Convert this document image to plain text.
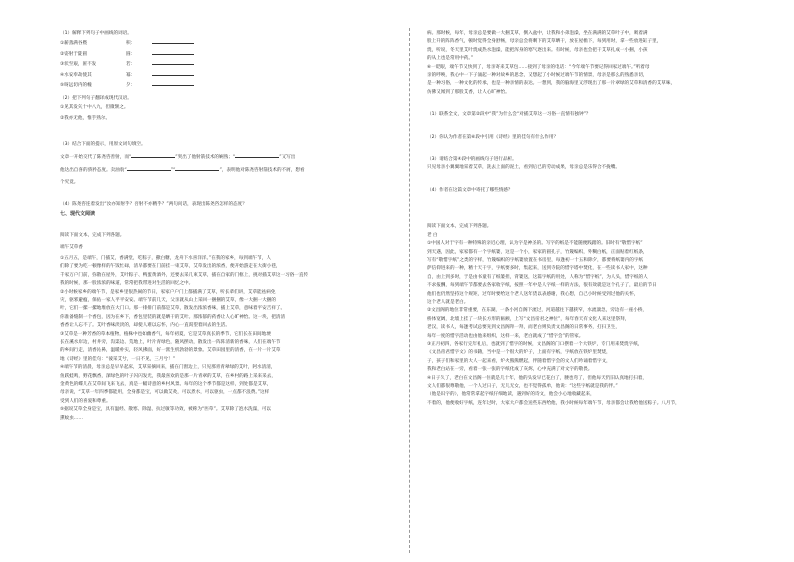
（1）解释下列句子中画线的词语。
①薪蒸满谷暨	积：
②姿射于陡圆	圆：
③状至艰，匿不发	若：
④水安奉劫使其	幂：
⑤呀远切内的幢	夕：
（2）把下列句子翻译成现代汉语。
①见其发矢十中八九，但微颔之。
②我亦无他，惟手熟尔。
（3）结合下面的提示，用原文词句填空。
文章一开始交代了陈尧咨善射，而“	”突出了他射箭技术的娴熟；“	”又写出
他达出自喜的骄矜态度。卖油翁“	”“	”，表明他对陈尧咨射箭技术的不屑，想看
个究竟。
（4）陈尧咨连着发出“汝亦知射乎？吾射不亦精乎？”两句问话，表现出陈尧咨怎样的态度？
七、现代文阅读
阅读下面文本，完成下列各题。
端午艾草香
①五月五，是端午，门插艾，香满堂，吃粽子，撒白糖，龙舟下水喜洋洋。”在我的家乡，每到端午节，人
们除了要为吃一顿像样的午饭忙碌，清早都要在门前挂一束艾草，艾草发出的浓香，便开始游走在大街小巷，
千家万户门前，弥散在屋外，艾叶粽子、鸭蛋黄酒外，还要去采几束艾草，插在自家的门框上，挑对插艾草这一习俗一直传
我的时候，那一股浓浓的味道，常常把我带进对生活的回忆之中。
②小时候家乡的端午节，是家乡里很热闹的节日，家家户户门上都插满了艾草，听长辈们讲，艾草能祛病免
灾，驱邪避瘟，保佑一家人平平安安。端午节前几天，父亲就从山上采回一捆捆的艾草，像一大捆一大捆的
叶，它们一摞一摞地堆放在大门口。那一排排门前都是艾草，散发出浓浓香味，插上艾草，意味着平安吉祥了。
你准备缝制一个香包，因为在乡下，香包里装的就是晒干的艾叶。那浓郁的药香让人心旷神怡。这一块，把清清
香香让人忘不了。艾叶香味淡淡的，却使人难以忘怀，内心一直渴望着回去的生活。
③艾草是一种芳香的草本植物，植株中也如幽香气，每年初夏，它是艾草真长的季节，它们长在田间地埂
长在溪水岸边，村井旁，沟渠边、荒地上，叶片青绿色，随风摆动，散发出一阵阵清新的香味，人们在端午节
的乡间行走，清香沁鼻，温暖朴实，轻风拂面，好一派生机勃勃的景象。艾草田园里的清香，在一片一片艾草
地《诗经》里的佳句：“彼采艾兮，一日不见，三月兮！”
④端午节的清晨，母亲总是早早起床，艾草采摘回来，插在门窗边上，只见那青青翠绿的艾叶，阿水清清，
鱼跃蛙鸣，野花飘香，深绿色的叶子闪闪发光，我最喜欢的是那一片青翠的艾草，在乡村的路上采来采去，
金黄色的蝶儿在艾草间飞来飞去，真是一幅诗意的乡村风景。每年的这个季节都是这样，到处都是艾草，
母亲说，“艾草一年四季都能用，全身都是宝，可以做艾灸，可以煮水，可以驱虫，一点都不浪费。”这样
受到人们的喜爱和尊重。
⑤据说艾草全身是宝，具有温经、散寒、除湿、抗过敏等功效，被称为“医草”。艾草除了泡水洗澡，可以
熏蚊虫……
病。那时候，每年，母亲总是要做一大捆艾草，倒入盆中，让我和小弟泡澡，坐在满满的艾草叶子中，吸着满
股上升的阵阵香气，顿时觉得全身舒畅，母亲总会将剩下的艾草晒干，放在屋檐下，每到用时，拿一些放进缸子里，
烧，听说，冬天里艾叶烧成热水泡澡，能把浑身的寒气逐出来。有时候，母亲也会把干艾草扎成一小捆，小孩
的从上也是常用中药。”
⑥一眨眼，端午节又快到了，母亲寄来艾草包……接到了母亲的电话：“今年端午节要记得回家过端午。”听着母
亲的呼唤，我心中一下子涌起一种对故乡的思念，又想起了小时候过端午节的情景，母亲是那么的熟悉亲切，
是一种习俗，一种文化的传承，也是一种亲情的表达。一想到，我的脑海里又浮现出了那一片翠绿的艾草和清香的艾草味，
仿佛又闻到了那股艾香，让人心旷神怡。
（1）联系全文，文章第②段中“我”为什么会“对插艾草这一习俗一直情有独钟”？
（2）你认为作者在第⑥段中引用《诗经》里的佳句有什么作用？
（3）请结合第④段中的画线句子进行品析。
只见母亲小翼翼地采着艾草，洗去上面的泥土，看到后已的劳动成果，母亲总是乐得合不拢嘴。
（4）作者在这篇文章中寄托了哪些情感？
阅读下面文本，完成下列各题。
老 白
①中国人对于字有一种特殊的亲近心理，认为字是神圣的。写字的纸是不能随便践踏的。旧时有“敬惜字纸”
到天遇，因此，家家都有一个字纸篓，这是一个小，家家的圆孔子，竹篾编织，外糊白纸，正面贴着红纸条，
写有“敬惜字纸”之类的字样，竹篾编织的字纸篓放置在书房里，每逢初一十五和除夕，都要将纸篓内的字纸
萨信仰进来的一种，精十天干字，字纸要多时，集起来，送到寺院的惜字塔中焚化，在一些读书人家中，这种
自，由上到多时，于是由书童有了纸篓担，背篓送，这篇字纸的用处，人称为“惜字纸”，为人头，惜字纸的人
不求报酬，每到端午节都要去各家收字纸，按照一年中是人字纸一样的方法，很有效就是这个孔子了，最后的节日
他们也仍然坚持这个规矩，过年时要给这个老人送年货以表感谢，我心想，自己小时候受到过他的关怀，
这个老人就是老白。
②文昌阁的地位非常重要，在东湖，一条小河自阁下流过，河道越往下越狭窄，水流湍急，旁边有一座小桥，
桥体宽阔，北墙上挂了一块长方形的匾额，上写“文昌帝君之神位”，每年春天有文化人来这里祭拜，
老汉，读书人，每逢考试总要先到文昌阁拜一拜，而老白则负责文昌阁的日常事务，打扫卫生，
每年一度的惜字活动也由他来组织，这样一来，老白就成了“惜字会”的管家。
③正月初四，各家行完年礼后，也就到了惜字的时候，文昌阁的门口摆着一个大铁炉，专门用来焚烧字纸，
《文昌帝君惜字文》的书籍，当中是一个很大的炉子，上面有字纸，字纸放在铁炉里焚烧，
子，孩子们和家里的大人一起来看，炉火熊熊燃起，伴随着惜字会的文人们吟诵着惜字文，
我和老白站在一旁，看着一张一张的字纸化成了灰烬，心中充满了对文字的敬畏。
④日子久了，老白在文昌阁一住就是几十年，他的头发早已花白了，腰也弯了，但他每天仍旧认真地打扫着，
文人们都很尊敬他，一个人过日子，无儿无女，也不觉得孤单，他说：“这些字纸就是我的伴。”
（他是识字的），他常常拿起字纸仔细地读，遇到好的诗文，他会小心地收藏起来，
不着的，他便收好字纸，连年过时，大家大户都会送些东西给他，我小时候每年端午节，母亲都会让我给他送粽子。八月节，
